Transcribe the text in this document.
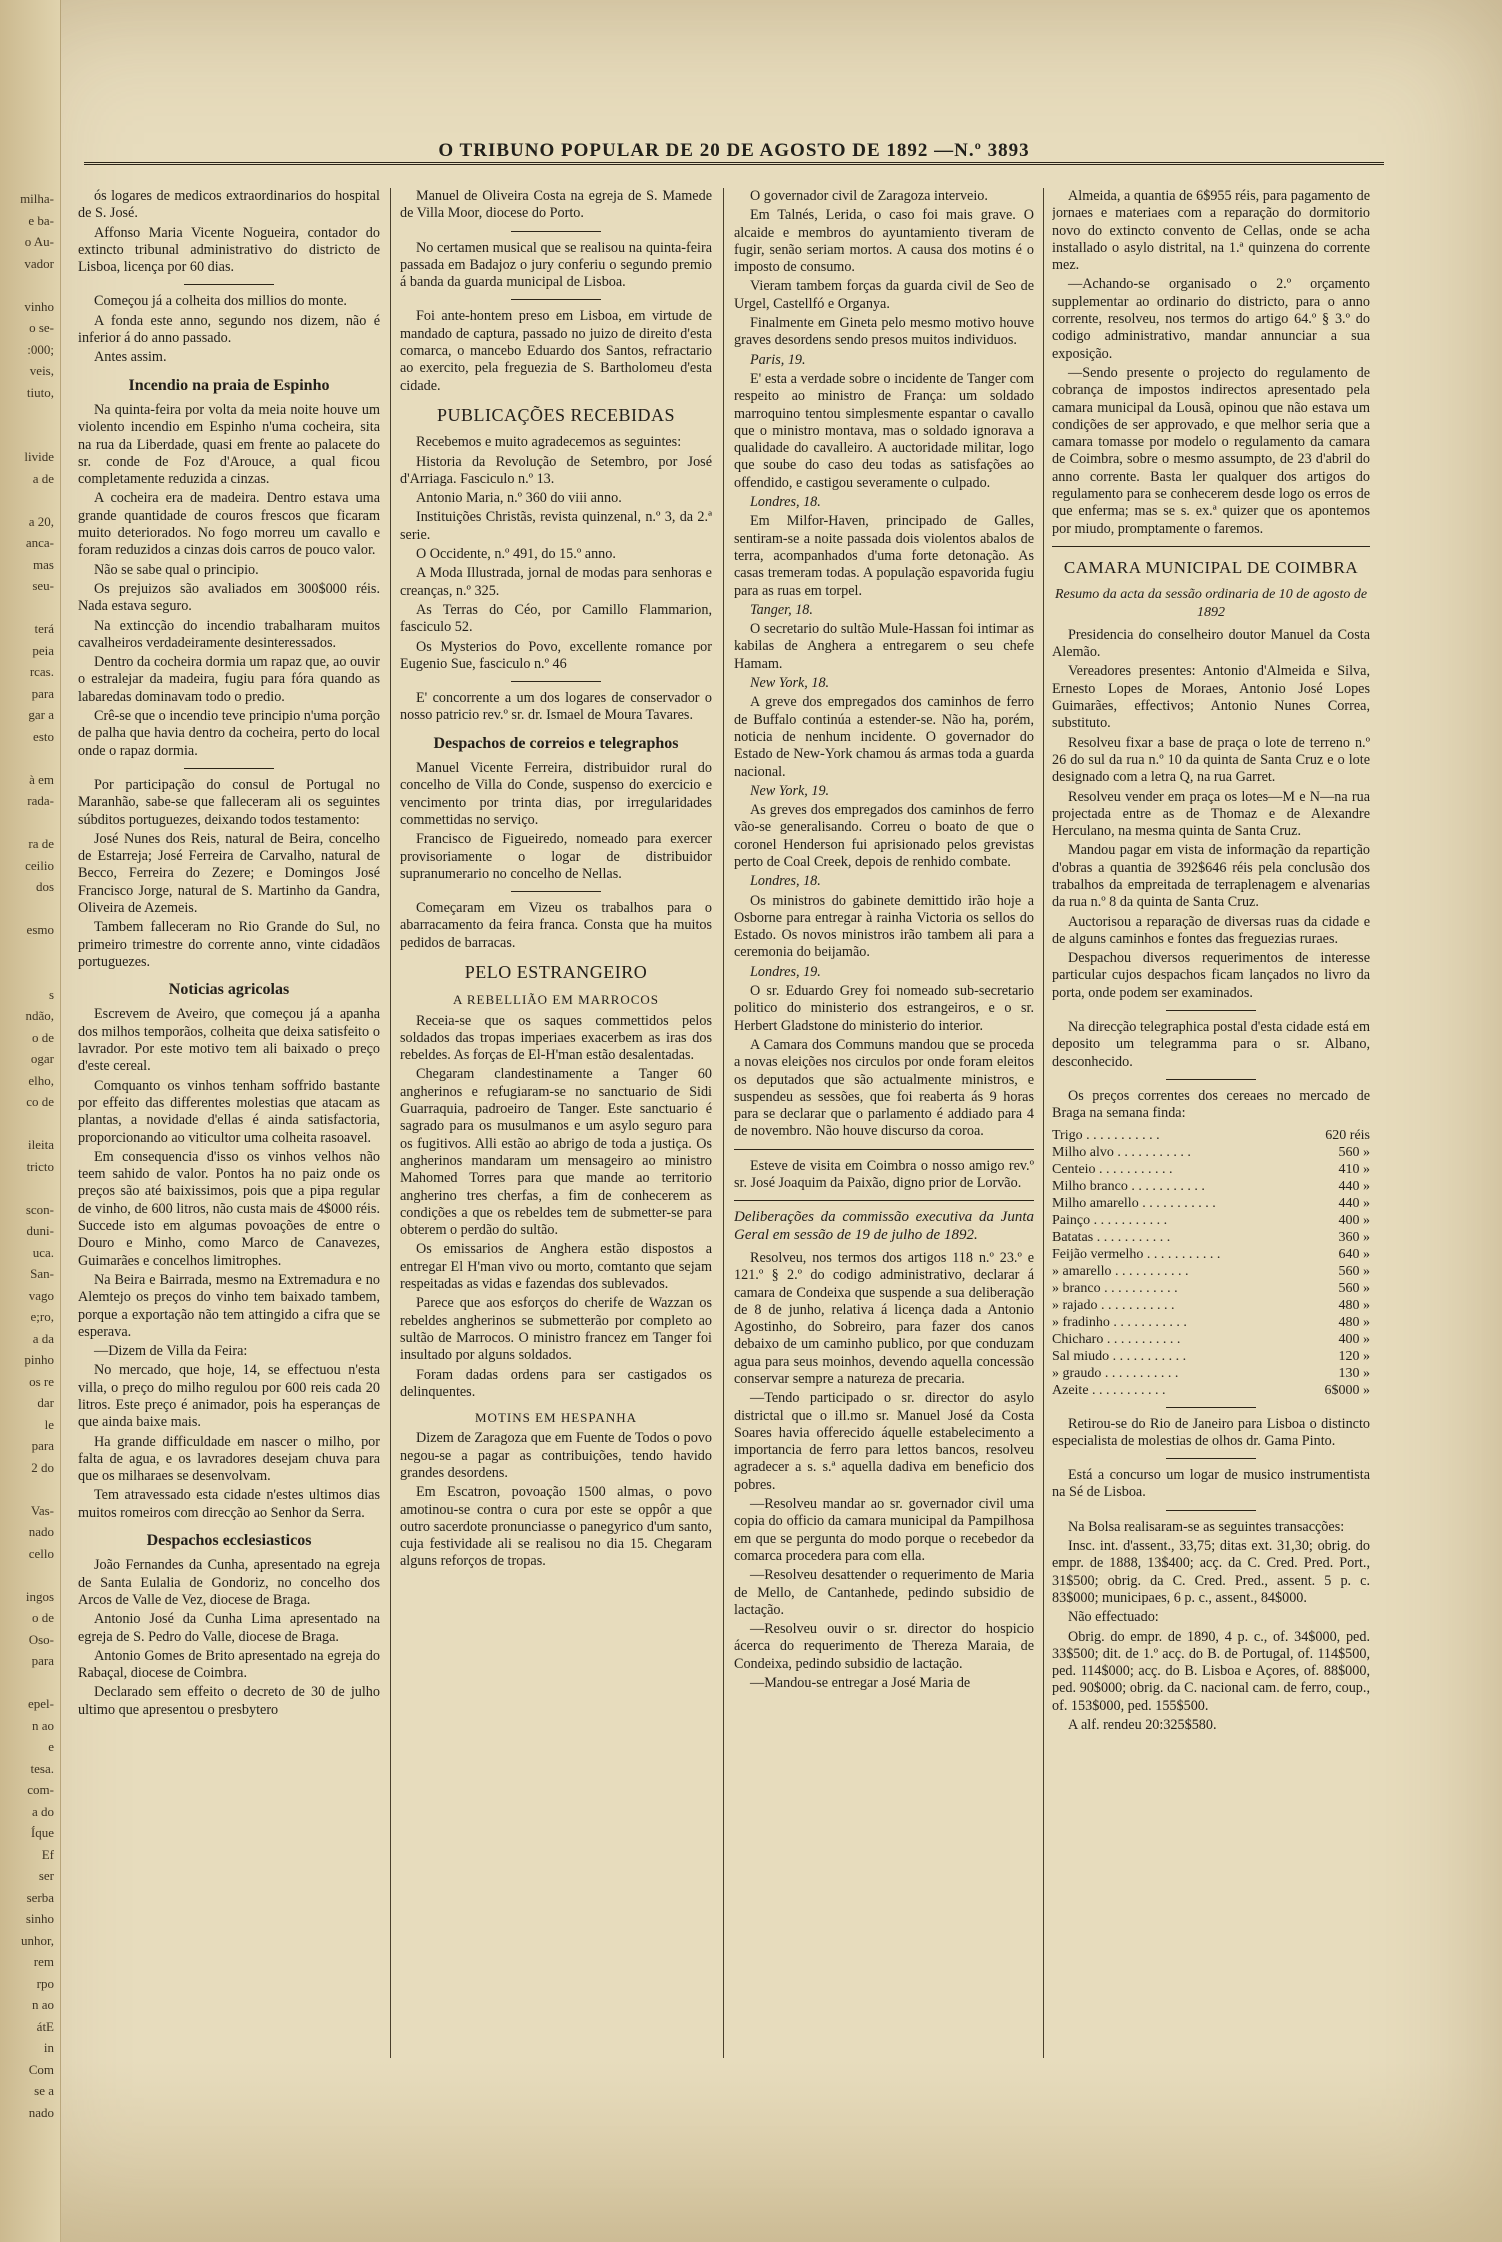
milha-
e ba-
o Au-
vador
vinho
o se-
:000;
veis,
tiuto,
livide
a de
a 20,
anca-
mas
seu-
terá
peia
rcas.
para
gar a
esto
à em
rada-
ra de
ceilio
dos
esmo
s
ndão,
o de
ogar
elho,
co de
ileita
tricto
scon-
duni-
uca.
San-
vago
e;ro,
a da
pinho
os re
dar
le
para
2 do
Vas-
nado
cello
ingos
o de
Oso-
para
epel-
n ao
e
tesa.
com-
a do
Íque
Ef
ser
serba
sinho
unhor,
rem
rpo
n ao
átE
in
Com
se a
nado
O TRIBUNO POPULAR DE 20 DE AGOSTO DE 1892 —N.º 3893

ós logares de medicos extraordinarios do hospital de S. José.

Affonso Maria Vicente Nogueira, contador do extincto tribunal administrativo do districto de Lisboa, licença por 60 dias.

Começou já a colheita dos millios do monte.

A fonda este anno, segundo nos dizem, não é inferior á do anno passado.

Antes assim.

Incendio na praia de Espinho

Na quinta-feira por volta da meia noite houve um violento incendio em Espinho n'uma cocheira, sita na rua da Liberdade, quasi em frente ao palacete do sr. conde de Foz d'Arouce, a qual ficou completamente reduzida a cinzas.

A cocheira era de madeira. Dentro estava uma grande quantidade de couros frescos que ficaram muito deteriorados. No fogo morreu um cavallo e foram reduzidos a cinzas dois carros de pouco valor.

Não se sabe qual o principio.

Os prejuizos são avaliados em 300$000 réis. Nada estava seguro.

Na extincção do incendio trabalharam muitos cavalheiros verdadeiramente desinteressados.

Dentro da cocheira dormia um rapaz que, ao ouvir o estralejar da madeira, fugiu para fóra quando as labaredas dominavam todo o predio.

Crê-se que o incendio teve principio n'uma porção de palha que havia dentro da cocheira, perto do local onde o rapaz dormia.

Por participação do consul de Portugal no Maranhão, sabe-se que falleceram ali os seguintes súbditos portuguezes, deixando todos testamento:

José Nunes dos Reis, natural de Beira, concelho de Estarreja; José Ferreira de Carvalho, natural de Becco, Ferreira do Zezere; e Domingos José Francisco Jorge, natural de S. Martinho da Gandra, Oliveira de Azemeis.

Tambem falleceram no Rio Grande do Sul, no primeiro trimestre do corrente anno, vinte cidadãos portuguezes.

Noticias agricolas

Escrevem de Aveiro, que começou já a apanha dos milhos temporãos, colheita que deixa satisfeito o lavrador. Por este motivo tem ali baixado o preço d'este cereal.

Comquanto os vinhos tenham soffrido bastante por effeito das differentes molestias que atacam as plantas, a novidade d'ellas é ainda satisfactoria, proporcionando ao viticultor uma colheita rasoavel.

Em consequencia d'isso os vinhos velhos não teem sahido de valor. Pontos ha no paiz onde os preços são até baixissimos, pois que a pipa regular de vinho, de 600 litros, não custa mais de 4$000 réis. Succede isto em algumas povoações de entre o Douro e Minho, como Marco de Canavezes, Guimarães e concelhos limitrophes.

Na Beira e Bairrada, mesmo na Extremadura e no Alemtejo os preços do vinho tem baixado tambem, porque a exportação não tem attingido a cifra que se esperava.

—Dizem de Villa da Feira:

No mercado, que hoje, 14, se effectuou n'esta villa, o preço do milho regulou por 600 reis cada 20 litros. Este preço é animador, pois ha esperanças de que ainda baixe mais.

Ha grande difficuldade em nascer o milho, por falta de agua, e os lavradores desejam chuva para que os milharaes se desenvolvam.

Tem atravessado esta cidade n'estes ultimos dias muitos romeiros com direcção ao Senhor da Serra.

Despachos ecclesiasticos

João Fernandes da Cunha, apresentado na egreja de Santa Eulalia de Gondoriz, no concelho dos Arcos de Valle de Vez, diocese de Braga.

Antonio José da Cunha Lima apresentado na egreja de S. Pedro do Valle, diocese de Braga.

Antonio Gomes de Brito apresentado na egreja do Rabaçal, diocese de Coimbra.

Declarado sem effeito o decreto de 30 de julho ultimo que apresentou o presbytero

Manuel de Oliveira Costa na egreja de S. Mamede de Villa Moor, diocese do Porto.

No certamen musical que se realisou na quinta-feira passada em Badajoz o jury conferiu o segundo premio á banda da guarda municipal de Lisboa.

Foi ante-hontem preso em Lisboa, em virtude de mandado de captura, passado no juizo de direito d'esta comarca, o mancebo Eduardo dos Santos, refractario ao exercito, pela freguezia de S. Bartholomeu d'esta cidade.

PUBLICAÇÕES RECEBIDAS

Recebemos e muito agradecemos as seguintes:

Historia da Revolução de Setembro, por José d'Arriaga. Fasciculo n.º 13.

Antonio Maria, n.º 360 do viii anno.

Instituições Christãs, revista quinzenal, n.º 3, da 2.ª serie.

O Occidente, n.º 491, do 15.º anno.

A Moda Illustrada, jornal de modas para senhoras e creanças, n.º 325.

As Terras do Céo, por Camillo Flammarion, fasciculo 52.

Os Mysterios do Povo, excellente romance por Eugenio Sue, fasciculo n.º 46

E' concorrente a um dos logares de conservador o nosso patricio rev.º sr. dr. Ismael de Moura Tavares.

Despachos de correios e telegraphos

Manuel Vicente Ferreira, distribuidor rural do concelho de Villa do Conde, suspenso do exercicio e vencimento por trinta dias, por irregularidades commettidas no serviço.

Francisco de Figueiredo, nomeado para exercer provisoriamente o logar de distribuidor supranumerario no concelho de Nellas.

Começaram em Vizeu os trabalhos para o abarracamento da feira franca. Consta que ha muitos pedidos de barracas.

PELO ESTRANGEIRO
A REBELLIÃO EM MARROCOS

Receia-se que os saques commettidos pelos soldados das tropas imperiaes exacerbem as iras dos rebeldes. As forças de El-H'man estão desalentadas.

Chegaram clandestinamente a Tanger 60 angherinos e refugiaram-se no sanctuario de Sidi Guarraquia, padroeiro de Tanger. Este sanctuario é sagrado para os musulmanos e um asylo seguro para os fugitivos. Alli estão ao abrigo de toda a justiça. Os angherinos mandaram um mensageiro ao ministro Mahomed Torres para que mande ao territorio angherino tres cherfas, a fim de conhecerem as condições a que os rebeldes tem de submetter-se para obterem o perdão do sultão.

Os emissarios de Anghera estão dispostos a entregar El H'man vivo ou morto, comtanto que sejam respeitadas as vidas e fazendas dos sublevados.

Parece que aos esforços do cherife de Wazzan os rebeldes angherinos se submetterão por completo ao sultão de Marrocos. O ministro francez em Tanger foi insultado por alguns soldados.

Foram dadas ordens para ser castigados os delinquentes.

MOTINS EM HESPANHA

Dizem de Zaragoza que em Fuente de Todos o povo negou-se a pagar as contribuições, tendo havido grandes desordens.

Em Escatron, povoação 1500 almas, o povo amotinou-se contra o cura por este se oppôr a que outro sacerdote pronunciasse o panegyrico d'um santo, cuja festividade ali se realisou no dia 15. Chegaram alguns reforços de tropas.

O governador civil de Zaragoza interveio.

Em Talnés, Lerida, o caso foi mais grave. O alcaide e membros do ayuntamiento tiveram de fugir, senão seriam mortos. A causa dos motins é o imposto de consumo.

Vieram tambem forças da guarda civil de Seo de Urgel, Castellfó e Organya.

Finalmente em Gineta pelo mesmo motivo houve graves desordens sendo presos muitos individuos.

Paris, 19.

E' esta a verdade sobre o incidente de Tanger com respeito ao ministro de França: um soldado marroquino tentou simplesmente espantar o cavallo que o ministro montava, mas o soldado ignorava a qualidade do cavalleiro. A auctoridade militar, logo que soube do caso deu todas as satisfações ao offendido, e castigou severamente o culpado.

Londres, 18.

Em Milfor-Haven, principado de Galles, sentiram-se a noite passada dois violentos abalos de terra, acompanhados d'uma forte detonação. As casas tremeram todas. A população espavorida fugiu para as ruas em torpel.

Tanger, 18.

O secretario do sultão Mule-Hassan foi intimar as kabilas de Anghera a entregarem o seu chefe Hamam.

New York, 18.

A greve dos empregados dos caminhos de ferro de Buffalo continúa a estender-se. Não ha, porém, noticia de nenhum incidente. O governador do Estado de New-York chamou ás armas toda a guarda nacional.

New York, 19.

As greves dos empregados dos caminhos de ferro vão-se generalisando. Correu o boato de que o coronel Henderson fui aprisionado pelos grevistas perto de Coal Creek, depois de renhido combate.

Londres, 18.

Os ministros do gabinete demittido irão hoje a Osborne para entregar à rainha Victoria os sellos do Estado. Os novos ministros irão tambem ali para a ceremonia do beijamão.

Londres, 19.

O sr. Eduardo Grey foi nomeado sub-secretario politico do ministerio dos estrangeiros, e o sr. Herbert Gladstone do ministerio do interior.

A Camara dos Communs mandou que se proceda a novas eleições nos circulos por onde foram eleitos os deputados que são actualmente ministros, e suspendeu as sessões, que foi reaberta ás 9 horas para se declarar que o parlamento é addiado para 4 de novembro. Não houve discurso da coroa.

Esteve de visita em Coimbra o nosso amigo rev.º sr. José Joaquim da Paixão, digno prior de Lorvão.

Deliberações da commissão executiva da Junta Geral em sessão de 19 de julho de 1892.

Resolveu, nos termos dos artigos 118 n.º 23.º e 121.º § 2.º do codigo administrativo, declarar á camara de Condeixa que suspende a sua deliberação de 8 de junho, relativa á licença dada a Antonio Agostinho, do Sobreiro, para fazer dos canos debaixo de um caminho publico, por que conduzam agua para seus moinhos, devendo aquella concessão conservar sempre a natureza de precaria.

—Tendo participado o sr. director do asylo districtal que o ill.mo sr. Manuel José da Costa Soares havia offerecido áquelle estabelecimento a importancia de ferro para lettos bancos, resolveu agradecer a s. s.ª aquella dadiva em beneficio dos pobres.

—Resolveu mandar ao sr. governador civil uma copia do officio da camara municipal da Pampilhosa em que se pergunta do modo porque o recebedor da comarca procedera para com ella.

—Resolveu desattender o requerimento de Maria de Mello, de Cantanhede, pedindo subsidio de lactação.

—Resolveu ouvir o sr. director do hospicio ácerca do requerimento de Thereza Maraia, de Condeixa, pedindo subsidio de lactação.

—Mandou-se entregar a José Maria de

Almeida, a quantia de 6$955 réis, para pagamento de jornaes e materiaes com a reparação do dormitorio novo do extincto convento de Cellas, onde se acha installado o asylo distrital, na 1.ª quinzena do corrente mez.

—Achando-se organisado o 2.º orçamento supplementar ao ordinario do districto, para o anno corrente, resolveu, nos termos do artigo 64.º § 3.º do codigo administrativo, mandar annunciar a sua exposição.

—Sendo presente o projecto do regulamento de cobrança de impostos indirectos apresentado pela camara municipal da Lousã, opinou que não estava um condições de ser approvado, e que melhor seria que a camara tomasse por modelo o regulamento da camara de Coimbra, sobre o mesmo assumpto, de 23 d'abril do anno corrente. Basta ler qualquer dos artigos do regulamento para se conhecerem desde logo os erros de que enferma; mas se s. ex.ª quizer que os apontemos por miudo, promptamente o faremos.

CAMARA MUNICIPAL DE COIMBRA
Resumo da acta da sessão ordinaria de 10 de agosto de 1892

Presidencia do conselheiro doutor Manuel da Costa Alemão.

Vereadores presentes: Antonio d'Almeida e Silva, Ernesto Lopes de Moraes, Antonio José Lopes Guimarães, effectivos; Antonio Nunes Correa, substituto.

Resolveu fixar a base de praça o lote de terreno n.º 26 do sul da rua n.º 10 da quinta de Santa Cruz e o lote designado com a letra Q, na rua Garret.

Resolveu vender em praça os lotes—M e N—na rua projectada entre as de Thomaz e de Alexandre Herculano, na mesma quinta de Santa Cruz.

Mandou pagar em vista de informação da repartição d'obras a quantia de 392$646 réis pela conclusão dos trabalhos da empreitada de terraplenagem e alvenarias da rua n.º 8 da quinta de Santa Cruz.

Auctorisou a reparação de diversas ruas da cidade e de alguns caminhos e fontes das freguezias ruraes.

Despachou diversos requerimentos de interesse particular cujos despachos ficam lançados no livro da porta, onde podem ser examinados.

Na direcção telegraphica postal d'esta cidade está em deposito um telegramma para o sr. Albano, desconhecido.

Os preços correntes dos cereaes no mercado de Braga na semana finda:

Trigo . . . . . . . . . . .	620 réis
Milho alvo . . . . . . . . . . .	560 »
Centeio . . . . . . . . . . .	410 »
Milho branco . . . . . . . . . . .	440 »
Milho amarello . . . . . . . . . . .	440 »
Painço . . . . . . . . . . .	400 »
Batatas . . . . . . . . . . .	360 »
Feijão vermelho . . . . . . . . . . .	640 »
» amarello . . . . . . . . . . .	560 »
» branco . . . . . . . . . . .	560 »
» rajado . . . . . . . . . . .	480 »
» fradinho . . . . . . . . . . .	480 »
Chicharo . . . . . . . . . . .	400 »
Sal miudo . . . . . . . . . . .	120 »
» graudo . . . . . . . . . . .	130 »
Azeite . . . . . . . . . . .	6$000 »

Retirou-se do Rio de Janeiro para Lisboa o distincto especialista de molestias de olhos dr. Gama Pinto.

Está a concurso um logar de musico instrumentista na Sé de Lisboa.

Na Bolsa realisaram-se as seguintes transacções:

Insc. int. d'assent., 33,75; ditas ext. 31,30; obrig. do empr. de 1888, 13$400; acç. da C. Cred. Pred. Port., 31$500; obrig. da C. Cred. Pred., assent. 5 p. c. 83$000; municipaes, 6 p. c., assent., 84$000.

Não effectuado:

Obrig. do empr. de 1890, 4 p. c., of. 34$000, ped. 33$500; dit. de 1.º acç. do B. de Portugal, of. 114$500, ped. 114$000; acç. do B. Lisboa e Açores, of. 88$000, ped. 90$000; obrig. da C. nacional cam. de ferro, coup., of. 153$000, ped. 155$500.

A alf. rendeu 20:325$580.
